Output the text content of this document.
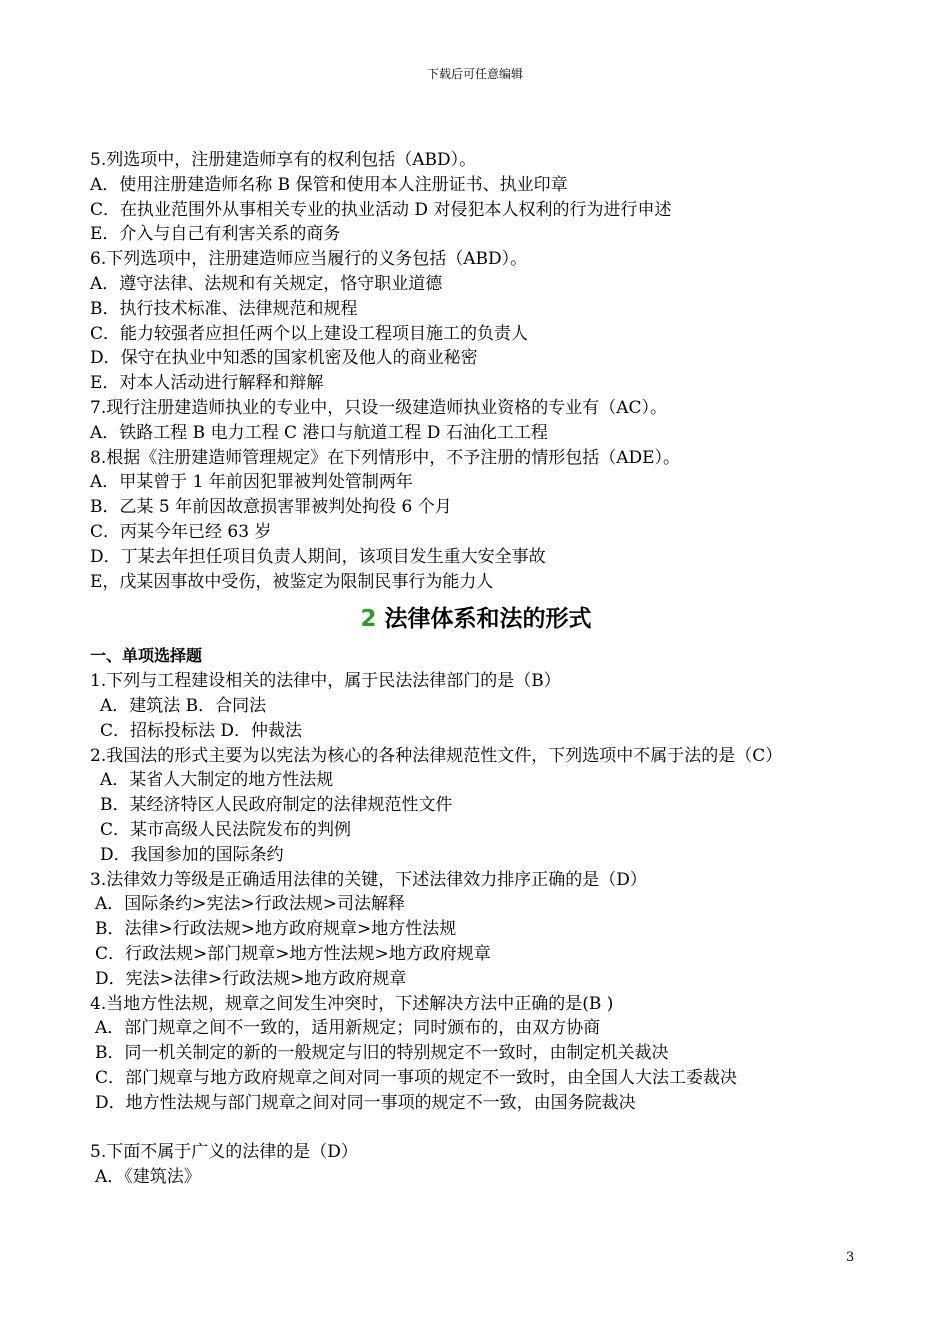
下载后可任意编辑
5.列选项中，注册建造师享有的权利包括（ABD）。
A．使用注册建造师名称 B 保管和使用本人注册证书、执业印章
C．在执业范围外从事相关专业的执业活动 D 对侵犯本人权利的行为进行申述
E．介入与自己有利害关系的商务
6.下列选项中，注册建造师应当履行的义务包括（ABD）。
A．遵守法律、法规和有关规定，恪守职业道德
B．执行技术标准、法律规范和规程
C．能力较强者应担任两个以上建设工程项目施工的负责人
D．保守在执业中知悉的国家机密及他人的商业秘密
E．对本人活动进行解释和辩解
7.现行注册建造师执业的专业中，只设一级建造师执业资格的专业有（AC）。
A．铁路工程 B 电力工程 C 港口与航道工程 D 石油化工工程
8.根据《注册建造师管理规定》在下列情形中，不予注册的情形包括（ADE）。
A．甲某曾于 1 年前因犯罪被判处管制两年
B．乙某 5 年前因故意损害罪被判处拘役 6 个月
C．丙某今年已经 63 岁
D．丁某去年担任项目负责人期间，该项目发生重大安全事故
E，戊某因事故中受伤，被鉴定为限制民事行为能力人
2 法律体系和法的形式
一、单项选择题
1.下列与工程建设相关的法律中，属于民法法律部门的是（B）
A．建筑法 B．合同法
C．招标投标法 D．仲裁法
2.我国法的形式主要为以宪法为核心的各种法律规范性文件，下列选项中不属于法的是（C）
A．某省人大制定的地方性法规
B．某经济特区人民政府制定的法律规范性文件
C．某市高级人民法院发布的判例
D．我国参加的国际条约
3.法律效力等级是正确适用法律的关键，下述法律效力排序正确的是（D）
A．国际条约>宪法>行政法规>司法解释
B．法律>行政法规>地方政府规章>地方性法规
C．行政法规>部门规章>地方性法规>地方政府规章
D．宪法>法律>行政法规>地方政府规章
4.当地方性法规，规章之间发生冲突时，下述解决方法中正确的是(B )
A．部门规章之间不一致的，适用新规定；同时颁布的，由双方协商
B．同一机关制定的新的一般规定与旧的特别规定不一致时，由制定机关裁决
C．部门规章与地方政府规章之间对同一事项的规定不一致时，由全国人大法工委裁决
D．地方性法规与部门规章之间对同一事项的规定不一致，由国务院裁决
5.下面不属于广义的法律的是（D）
A．《建筑法》
3
